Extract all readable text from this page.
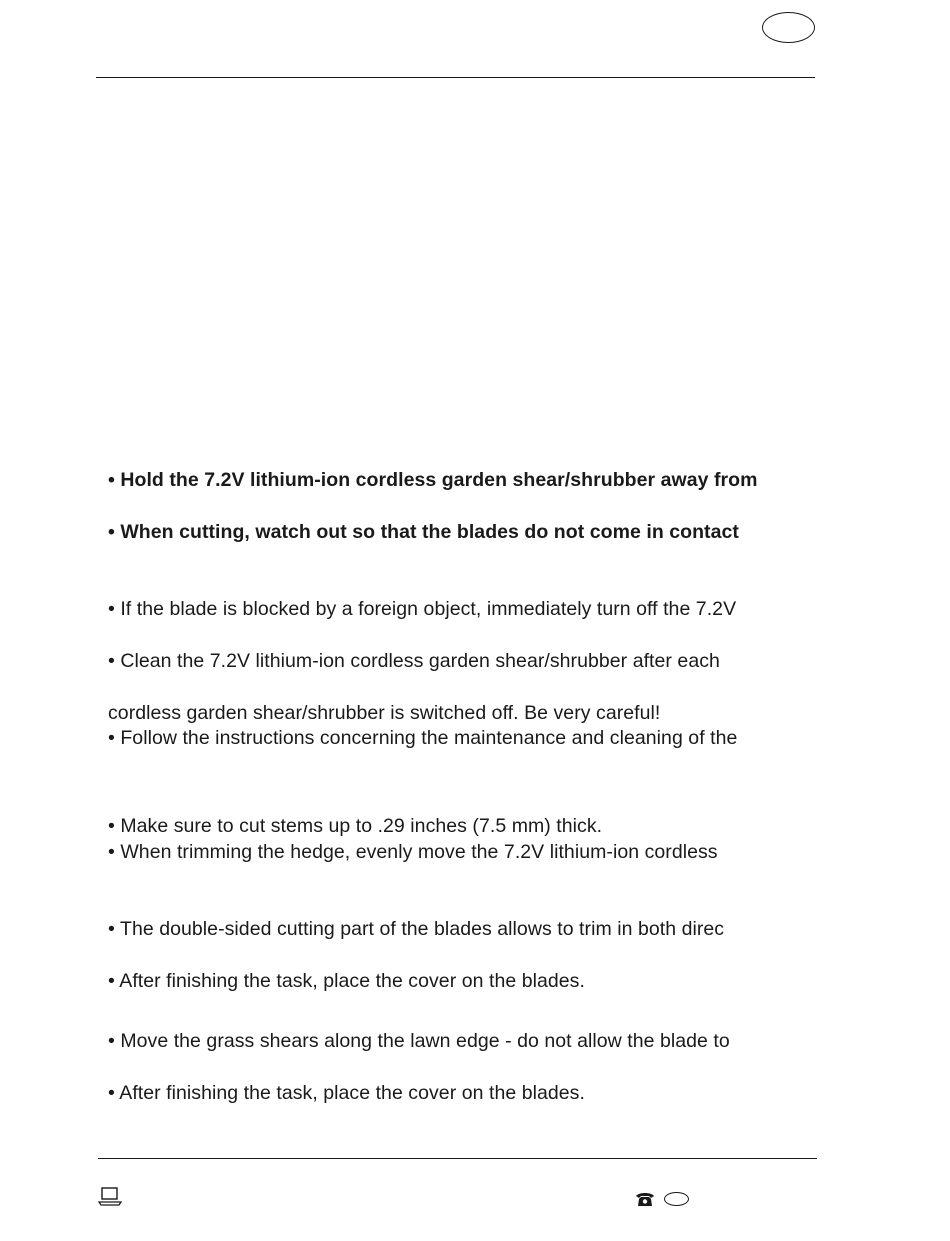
• Hold the 7.2V lithium-ion cordless garden shear/shrubber away from
• When cutting, watch out so that the blades do not come in contact
• If the blade is blocked by a foreign object, immediately turn off the 7.2V
• Clean the 7.2V lithium-ion cordless garden shear/shrubber after each
cordless garden shear/shrubber is switched off. Be very careful!
• Follow the instructions concerning the maintenance and cleaning of the
• Make sure to cut stems up to .29 inches (7.5 mm) thick.
• When trimming the hedge, evenly move the 7.2V lithium-ion cordless
• The double-sided cutting part of the blades allows to trim in both direc
• After finishing the task, place the cover on the blades.
• Move the grass shears along the lawn edge - do not allow the blade to
• After finishing the task, place the cover on the blades.
